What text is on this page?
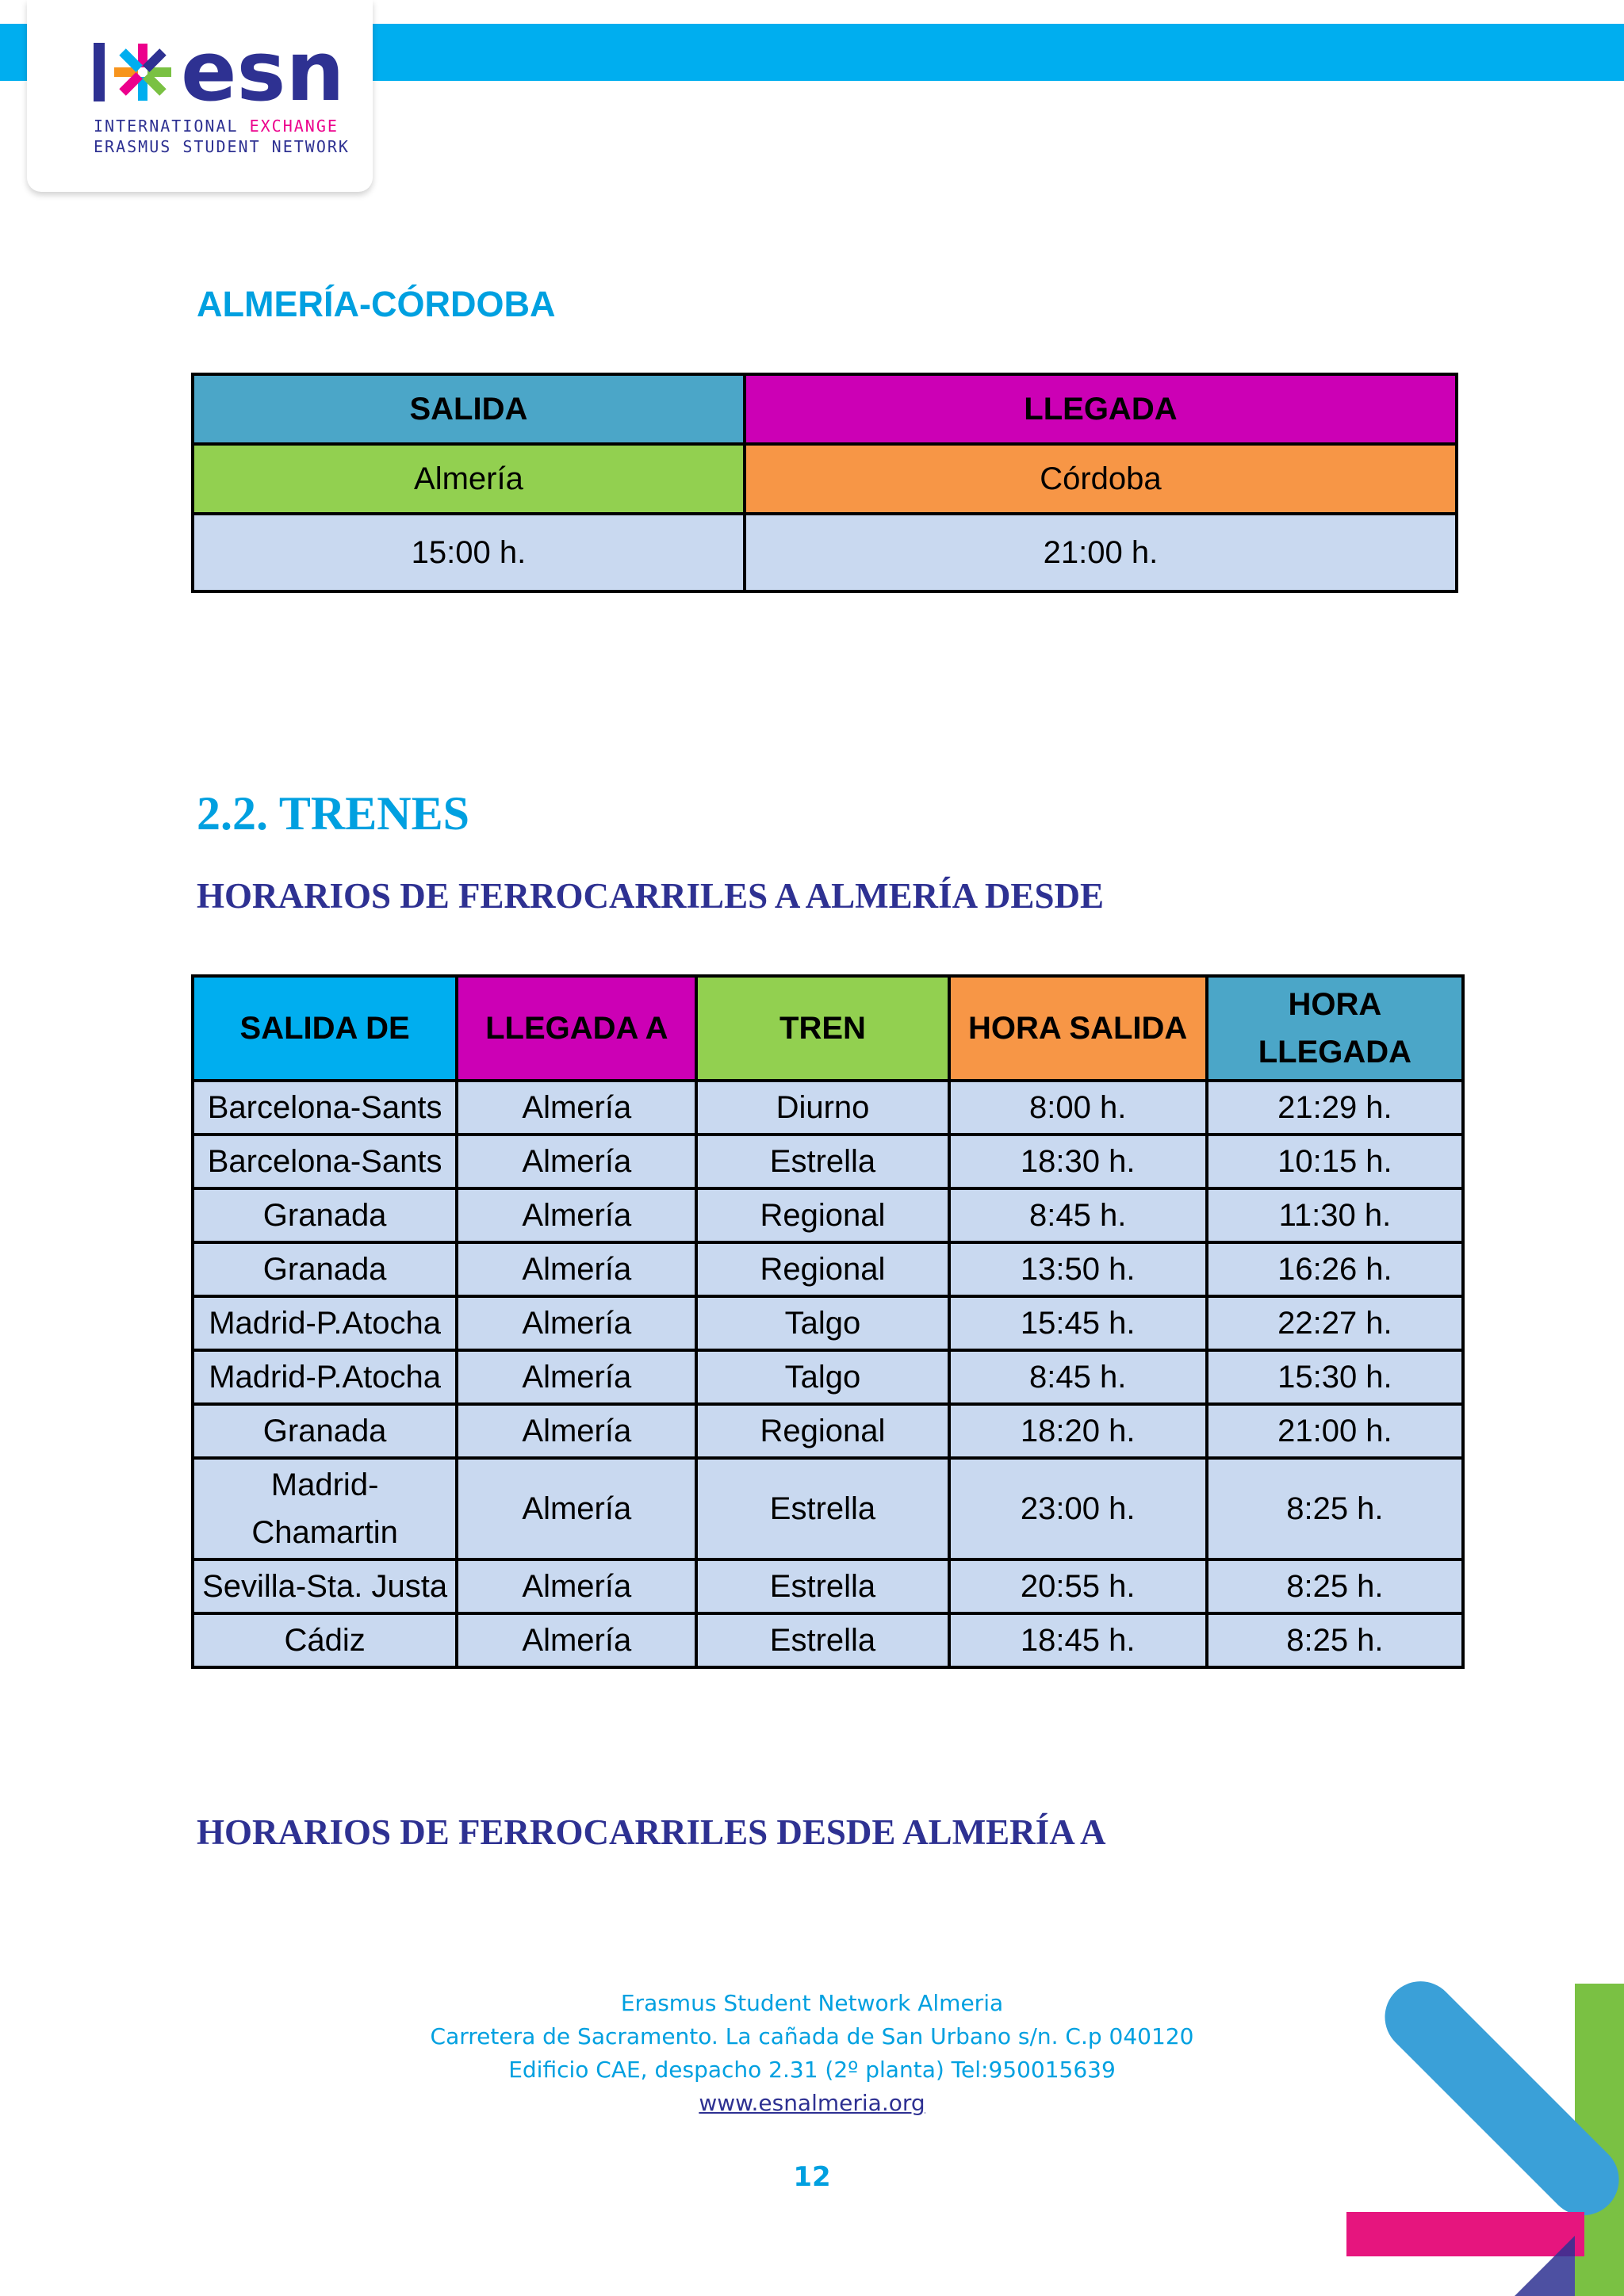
esn
INTERNATIONAL EXCHANGE
ERASMUS STUDENT NETWORK
ALMERÍA-CÓRDOBA
SALIDA	LLEGADA
Almería	Córdoba
15:00 h.	21:00 h.
2.2. TRENES
HORARIOS DE FERROCARRILES A ALMERÍA DESDE
SALIDA DE	LLEGADA A	TREN	HORA SALIDA	HORA
LLEGADA
Barcelona-Sants	Almería	Diurno	8:00 h.	21:29 h.
Barcelona-Sants	Almería	Estrella	18:30 h.	10:15 h.
Granada	Almería	Regional	8:45 h.	11:30 h.
Granada	Almería	Regional	13:50 h.	16:26 h.
Madrid-P.Atocha	Almería	Talgo	15:45 h.	22:27 h.
Madrid-P.Atocha	Almería	Talgo	8:45 h.	15:30 h.
Granada	Almería	Regional	18:20 h.	21:00 h.
Madrid-
Chamartin	Almería	Estrella	23:00 h.	8:25 h.
Sevilla-Sta. Justa	Almería	Estrella	20:55 h.	8:25 h.
Cádiz	Almería	Estrella	18:45 h.	8:25 h.
HORARIOS DE FERROCARRILES DESDE ALMERÍA A
Erasmus Student Network Almeria
Carretera de Sacramento. La cañada de San Urbano s/n. C.p 040120
Edificio CAE, despacho 2.31 (2º planta) Tel:950015639
www.esnalmeria.org
12
